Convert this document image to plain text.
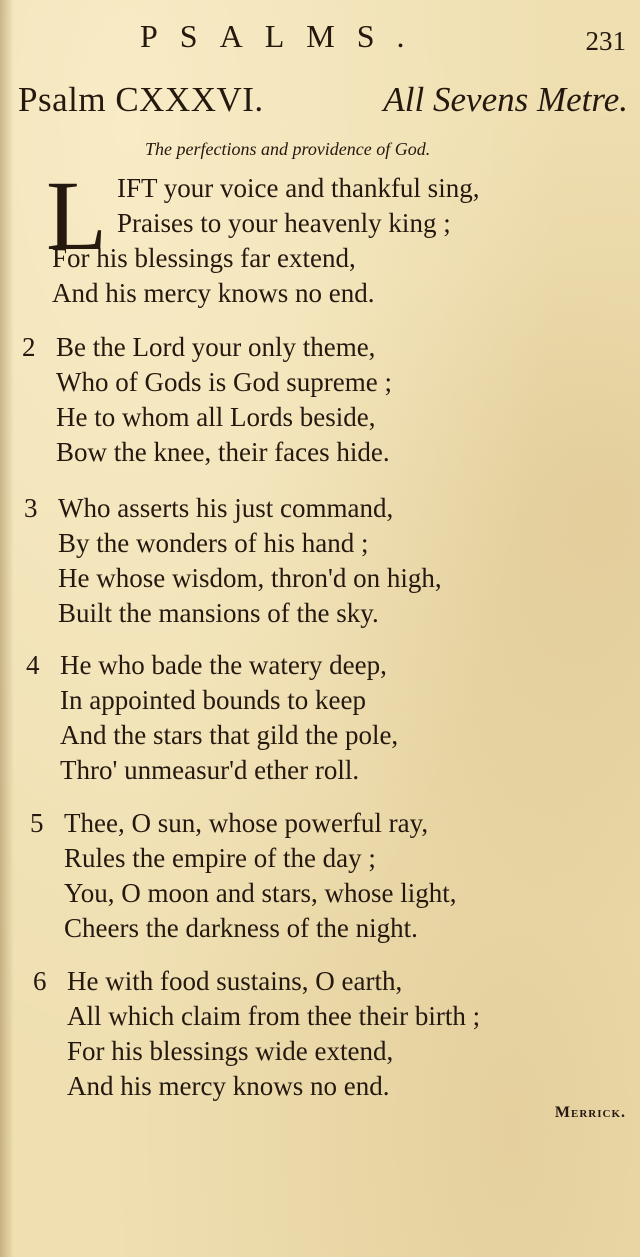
PSALMS.	231
Psalm CXXXVI.	All Sevens Metre.
The perfections and providence of God.
L IFT your voice and thankful sing,
Praises to your heavenly king ;
For his blessings far extend,
And his mercy knows no end.
2 Be the Lord your only theme,
Who of Gods is God supreme ;
He to whom all Lords beside,
Bow the knee, their faces hide.
3 Who asserts his just command,
By the wonders of his hand ;
He whose wisdom, thron'd on high,
Built the mansions of the sky.
4 He who bade the watery deep,
In appointed bounds to keep
And the stars that gild the pole,
Thro' unmeasur'd ether roll.
5 Thee, O sun, whose powerful ray,
Rules the empire of the day ;
You, O moon and stars, whose light,
Cheers the darkness of the night.
6 He with food sustains, O earth,
All which claim from thee their birth ;
For his blessings wide extend,
And his mercy knows no end.
Merrick.
